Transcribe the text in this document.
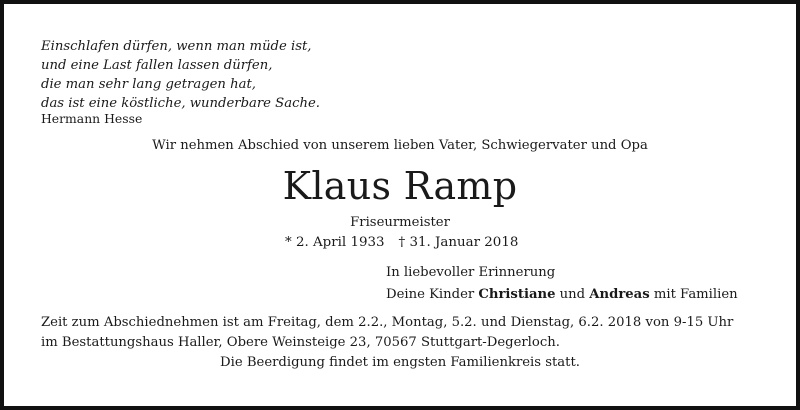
Einschlafen dürfen, wenn man müde ist,
und eine Last fallen lassen dürfen,
die man sehr lang getragen hat,
das ist eine köstliche, wunderbare Sache.
Hermann Hesse
Wir nehmen Abschied von unserem lieben Vater, Schwiegervater und Opa
Klaus Ramp
Friseurmeister
* 2. April 1933 † 31. Januar 2018
In liebevoller Erinnerung
Deine Kinder Christiane und Andreas mit Familien
Zeit zum Abschiednehmen ist am Freitag, dem 2.2., Montag, 5.2. und Dienstag, 6.2. 2018 von 9-15 Uhr
im Bestattungshaus Haller, Obere Weinsteige 23, 70567 Stuttgart-Degerloch.
Die Beerdigung findet im engsten Familienkreis statt.
